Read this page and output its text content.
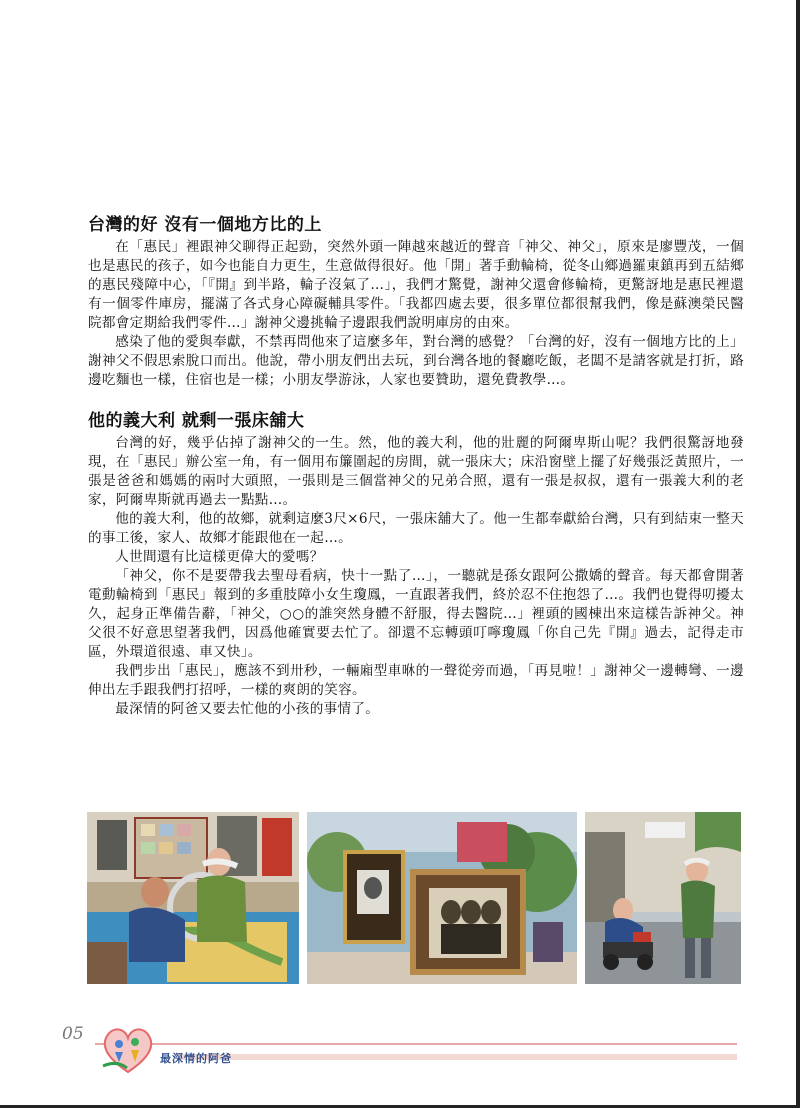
台灣的好 沒有一個地方比的上

在「惠民」裡跟神父聊得正起勁，突然外頭一陣越來越近的聲音「神父、神父」，原來是廖豐茂，一個也是惠民的孩子，如今也能自力更生，生意做得很好。他「開」著手動輪椅，從冬山鄉過羅東鎮再到五結鄉的惠民殘障中心，「『開』到半路，輪子沒氣了…」，我們才驚覺，謝神父還會修輪椅，更驚訝地是惠民裡還有一個零件庫房，擺滿了各式身心障礙輔具零件。「我都四處去要，很多單位都很幫我們，像是蘇澳榮民醫院都會定期給我們零件…」謝神父邊挑輪子邊跟我們說明庫房的由來。

感染了他的愛與奉獻，不禁再問他來了這麼多年，對台灣的感覺？「台灣的好，沒有一個地方比的上」謝神父不假思索脫口而出。他說，帶小朋友們出去玩，到台灣各地的餐廳吃飯，老闆不是請客就是打折，路邊吃麵也一樣，住宿也是一樣；小朋友學游泳，人家也要贊助，還免費教學…。

他的義大利 就剩一張床舖大

台灣的好，幾乎佔掉了謝神父的一生。然，他的義大利，他的壯麗的阿爾卑斯山呢？我們很驚訝地發現，在「惠民」辦公室一角，有一個用布簾圍起的房間，就一張床大；床沿窗壁上擺了好幾張泛黃照片，一張是爸爸和媽媽的兩吋大頭照，一張則是三個當神父的兄弟合照，還有一張是叔叔，還有一張義大利的老家，阿爾卑斯就再過去一點點…。

他的義大利，他的故鄉，就剩這麼3尺×6尺，一張床舖大了。他一生都奉獻給台灣，只有到結束一整天的事工後，家人、故鄉才能跟他在一起…。

人世間還有比這樣更偉大的愛嗎？

「神父，你不是要帶我去聖母看病，快十一點了…」，一聽就是孫女跟阿公撒嬌的聲音。每天都會開著電動輪椅到「惠民」報到的多重肢障小女生瓊鳳，一直跟著我們，終於忍不住抱怨了…。我們也覺得叨擾太久，起身正準備告辭，「神父，○○的誰突然身體不舒服，得去醫院…」裡頭的國棟出來這樣告訴神父。神父很不好意思望著我們，因爲他確實要去忙了。卻還不忘轉頭叮嚀瓊鳳「你自己先『開』過去，記得走市區，外環道很遠、車又快」。

我們步出「惠民」，應該不到卅秒，一輛廂型車咻的一聲從旁而過，「再見啦！」謝神父一邊轉彎、一邊伸出左手跟我們打招呼，一樣的爽朗的笑容。

最深情的阿爸又要去忙他的小孩的事情了。

05
最深情的阿爸
